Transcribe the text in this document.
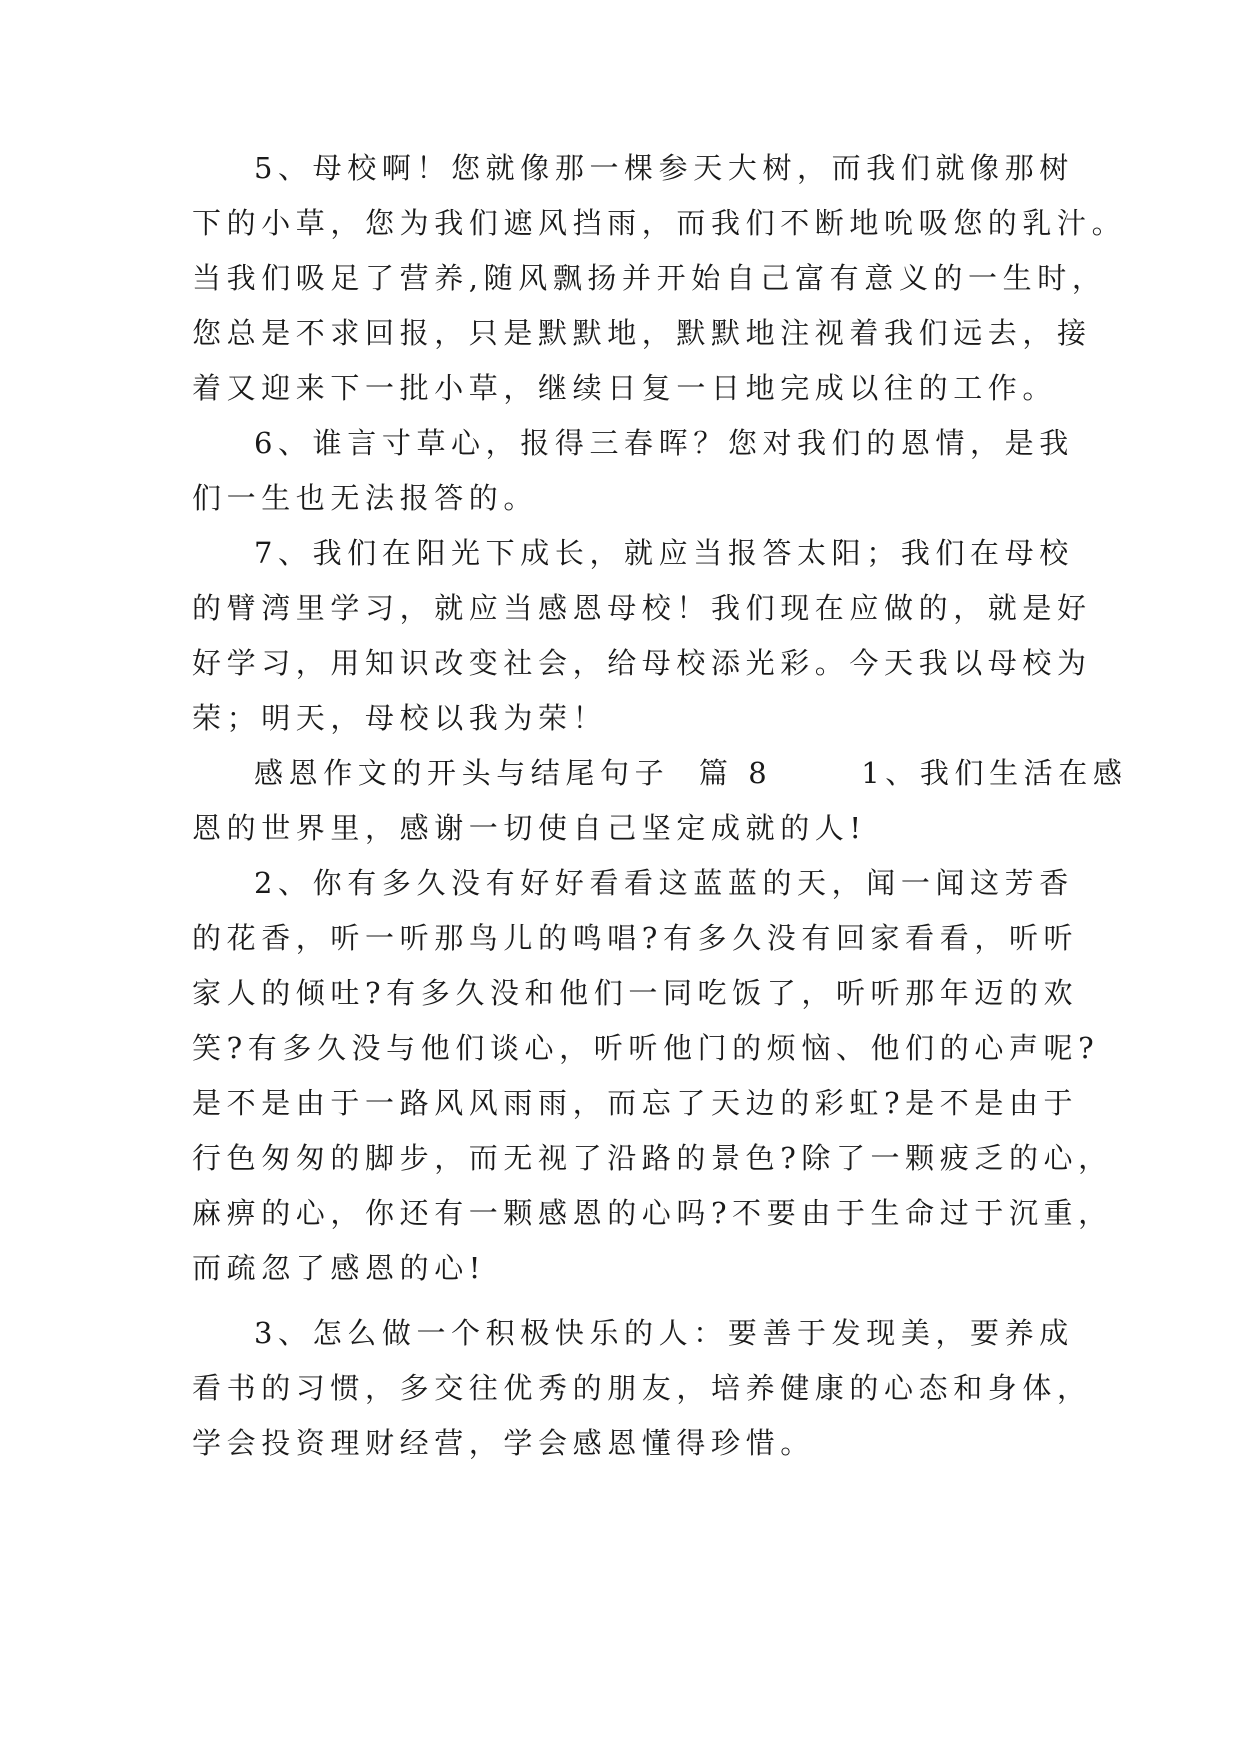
5、母校啊！您就像那一棵参天大树，而我们就像那树
下的小草，您为我们遮风挡雨，而我们不断地吮吸您的乳汁。
当我们吸足了营养,随风飘扬并开始自己富有意义的一生时，
您总是不求回报，只是默默地，默默地注视着我们远去，接
着又迎来下一批小草，继续日复一日地完成以往的工作。
6、谁言寸草心，报得三春晖？您对我们的恩情，是我
们一生也无法报答的。
7、我们在阳光下成长，就应当报答太阳；我们在母校
的臂湾里学习，就应当感恩母校！我们现在应做的，就是好
好学习，用知识改变社会，给母校添光彩。今天我以母校为
荣；明天，母校以我为荣！
感恩作文的开头与结尾句子  篇 8      1、我们生活在感
恩的世界里，感谢一切使自己坚定成就的人!
2、你有多久没有好好看看这蓝蓝的天，闻一闻这芳香
的花香，听一听那鸟儿的鸣唱?有多久没有回家看看，听听
家人的倾吐?有多久没和他们一同吃饭了，听听那年迈的欢
笑?有多久没与他们谈心，听听他门的烦恼、他们的心声呢?
是不是由于一路风风雨雨，而忘了天边的彩虹?是不是由于
行色匆匆的脚步，而无视了沿路的景色?除了一颗疲乏的心，
麻痹的心，你还有一颗感恩的心吗?不要由于生命过于沉重，
而疏忽了感恩的心!
3、怎么做一个积极快乐的人：要善于发现美，要养成
看书的习惯，多交往优秀的朋友，培养健康的心态和身体，
学会投资理财经营，学会感恩懂得珍惜。
